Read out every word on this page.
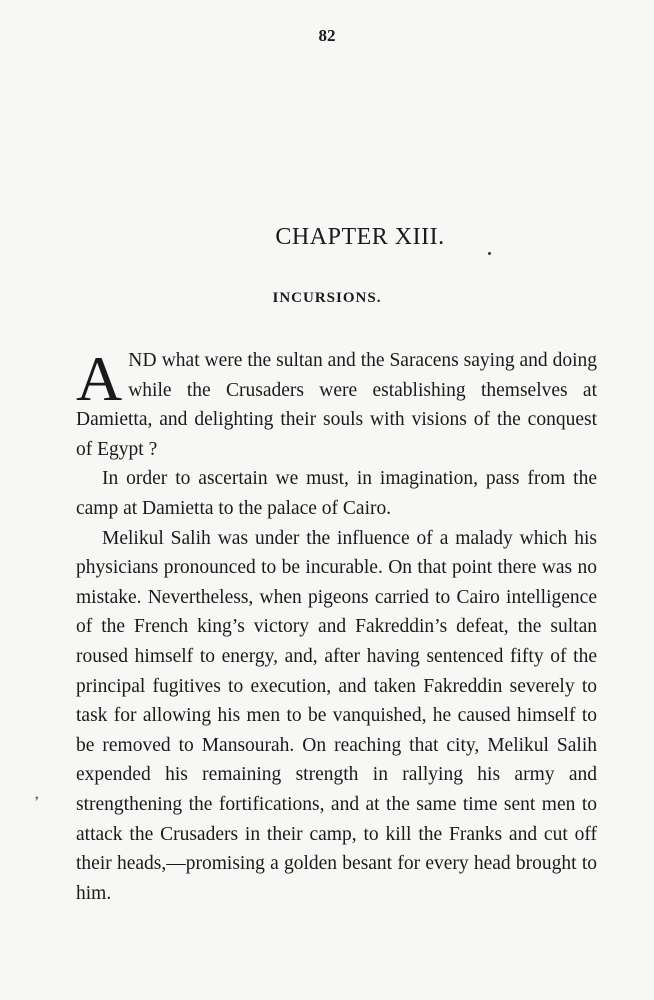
82
CHAPTER XIII.
INCURSIONS.

AND what were the sultan and the Saracens saying and doing while the Crusaders were establishing themselves at Damietta, and delighting their souls with visions of the conquest of Egypt ?

In order to ascertain we must, in imagination, pass from the camp at Damietta to the palace of Cairo.

Melikul Salih was under the influence of a malady which his physicians pronounced to be incurable. On that point there was no mistake. Nevertheless, when pigeons carried to Cairo intelligence of the French king’s victory and Fakreddin’s defeat, the sultan roused himself to energy, and, after having sentenced fifty of the principal fugitives to execution, and taken Fakreddin severely to task for allowing his men to be vanquished, he caused himself to be removed to Mansourah. On reaching that city, Melikul Salih expended his remaining strength in rallying his army and strengthening the fortifications, and at the same time sent men to attack the Crusaders in their camp, to kill the Franks and cut off their heads,—promising a golden besant for every head brought to him.

‚
